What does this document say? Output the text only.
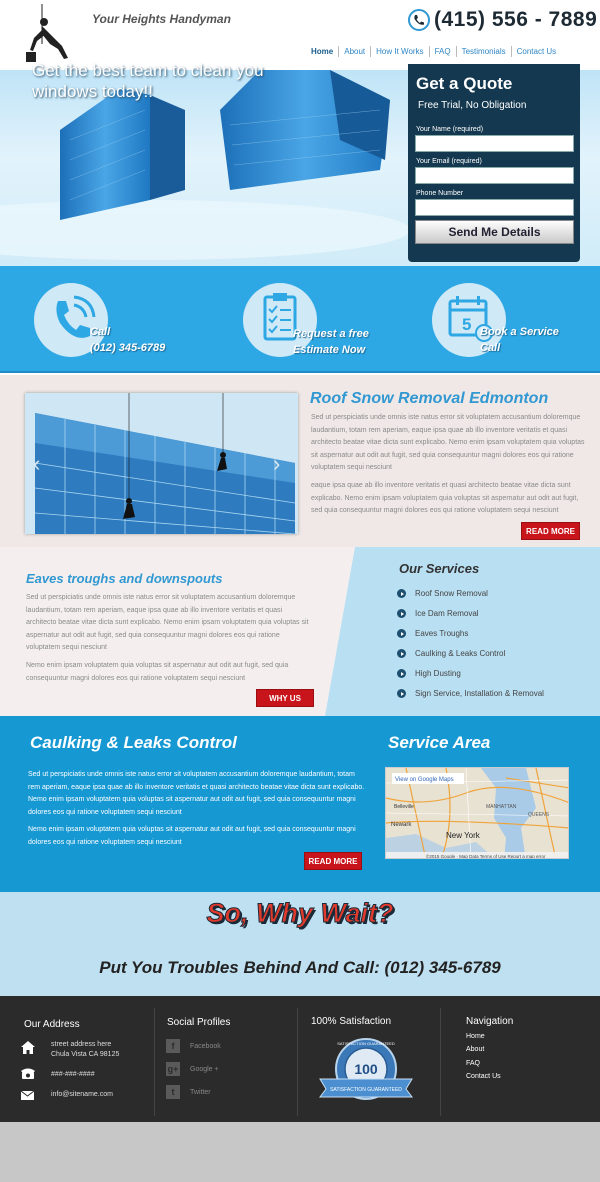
Your Heights Handyman	(415) 556 - 7889
Home	About	How It Works	FAQ	Testimonials	Contact Us
Get the best team to clean you windows today!!	Get a Quote
Free Trial, No Obligation
Your Name (required)
Your Email (required)
Phone Number
Send Me Details
Call
(012) 345-6789
Request a free
Estimate Now
5 Book a Service
Call
‹	›
Roof Snow Removal Edmonton
Sed ut perspiciatis unde omnis iste natus error sit voluptatem accusantium doloremque laudantium, totam rem aperiam, eaque ipsa quae ab illo inventore veritatis et quasi architecto beatae vitae dicta sunt explicabo. Nemo enim ipsam voluptatem quia voluptas sit aspernatur aut odit aut fugit, sed quia consequuntur magni dolores eos qui ratione voluptatem sequi nesciunt
eaque ipsa quae ab illo inventore veritatis et quasi architecto beatae vitae dicta sunt explicabo. Nemo enim ipsam voluptatem quia voluptas sit aspernatur aut odit aut fugit, sed quia consequuntur magni dolores eos qui ratione voluptatem sequi nesciunt
READ MORE
Eaves troughs and downspouts
Sed ut perspiciatis unde omnis iste natus error sit voluptatem accusantium doloremque laudantium, totam rem aperiam, eaque ipsa quae ab illo inventore veritatis et quasi architecto beatae vitae dicta sunt explicabo. Nemo enim ipsam voluptatem quia voluptas sit aspernatur aut odit aut fugit, sed quia consequuntur magni dolores eos qui ratione voluptatem sequi nesciunt
Nemo enim ipsam voluptatem quia voluptas sit aspernatur aut odit aut fugit, sed quia consequuntur magni dolores eos qui ratione voluptatem sequi nesciunt
WHY US
Our Services
Roof Snow Removal
Ice Dam Removal
Eaves Troughs
Caulking & Leaks Control
High Dusting
Sign Service, Installation & Removal
Caulking & Leaks Control
Sed ut perspiciatis unde omnis iste natus error sit voluptatem accusantium doloremque laudantium, totam rem aperiam, eaque ipsa quae ab illo inventore veritatis et quasi architecto beatae vitae dicta sunt explicabo. Nemo enim ipsam voluptatem quia voluptas sit aspernatur aut odit aut fugit, sed quia consequuntur magni dolores eos qui ratione voluptatem sequi nesciunt
Nemo enim ipsam voluptatem quia voluptas sit aspernatur aut odit aut fugit, sed quia consequuntur magni dolores eos qui ratione voluptatem sequi nesciunt
READ MORE
Service Area
View on Google Maps
New York
MANHATTAN
QUEENS
Newark
Belleville
©2015 Google · Map Data Terms of Use Report a map error
So, Why Wait?
Put You Troubles Behind And Call: (012) 345-6789
Our Address
street address here
Chula Vista CA 98125
###-###-####
info@sitename.com
Social Profiles
f	Facebook
g+ Google +
t	Twitter
100% Satisfaction
100
SATISFACTION GUARANTEED
SATISFACTION GUARANTEED
Navigation
Home
About
FAQ
Contact Us
